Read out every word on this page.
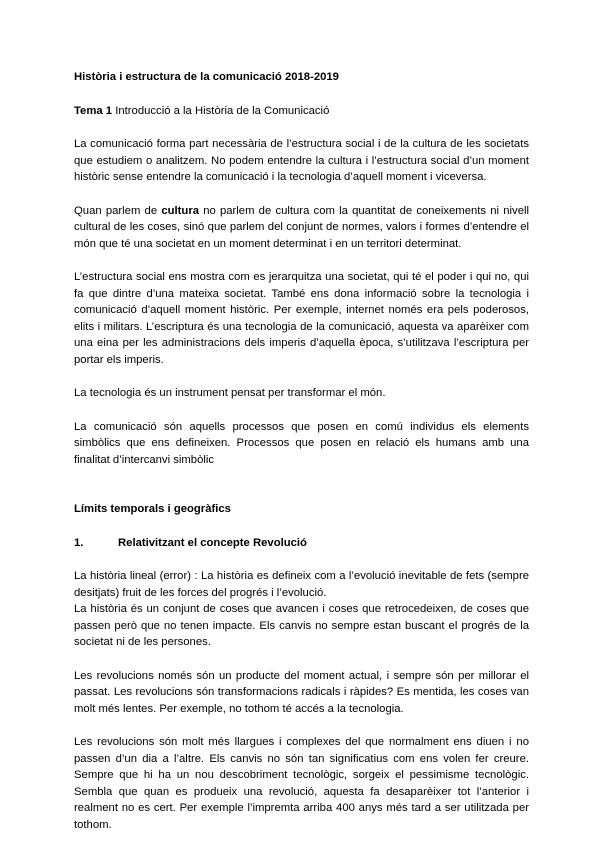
Història i estructura de la comunicació 2018-2019

Tema 1 Introducció a la Història de la Comunicació

La comunicació forma part necessària de l’estructura social i de la cultura de les societats que estudiem o analitzem. No podem entendre la cultura i l’estructura social d’un moment històric sense entendre la comunicació i la tecnologia d’aquell moment i viceversa.

Quan parlem de cultura no parlem de cultura com la quantitat de coneixements ni nivell cultural de les coses, sinó que parlem del conjunt de normes, valors i formes d’entendre el món que té una societat en un moment determinat i en un territori determinat.

L’estructura social ens mostra com es jerarquitza una societat, qui té el poder i qui no, qui fa que dintre d’una mateixa societat. També ens dona informació sobre la tecnologia i comunicació d’aquell moment històric. Per exemple, internet només era pels poderosos, elits i militars. L’escriptura és una tecnologia de la comunicació, aquesta va aparèixer com una eina per les administracions dels imperis d’aquella època, s’utilitzava l’escriptura per portar els imperis.

La tecnologia és un instrument pensat per transformar el món.

La comunicació són aquells processos que posen en comú individus els elements simbòlics que ens defineixen. Processos que posen en relació els humans amb una finalitat d’intercanvi simbòlic

Límits temporals i geogràfics

1.	Relativitzant el concepte Revolució

La història lineal (error) : La història es defineix com a l’evolució inevitable de fets (sempre desitjats) fruit de les forces del progrés i l’evolució.

La història és un conjunt de coses que avancen i coses que retrocedeixen, de coses que passen però que no tenen impacte. Els canvis no sempre estan buscant el progrés de la societat ni de les persones.

Les revolucions només són un producte del moment actual, i sempre són per millorar el passat. Les revolucions són transformacions radicals i ràpides? Es mentida, les coses van molt més lentes. Per exemple, no tothom té accés a la tecnologia.

Les revolucions són molt més llargues i complexes del que normalment ens diuen i no passen d’un dia a l’altre. Els canvis no són tan significatius com ens volen fer creure. Sempre que hi ha un nou descobriment tecnològic, sorgeix el pessimisme tecnològic. Sembla que quan es produeix una revolució, aquesta fa desaparèixer tot l’anterior i realment no es cert. Per exemple l’impremta arriba 400 anys més tard a ser utilitzada per tothom.
